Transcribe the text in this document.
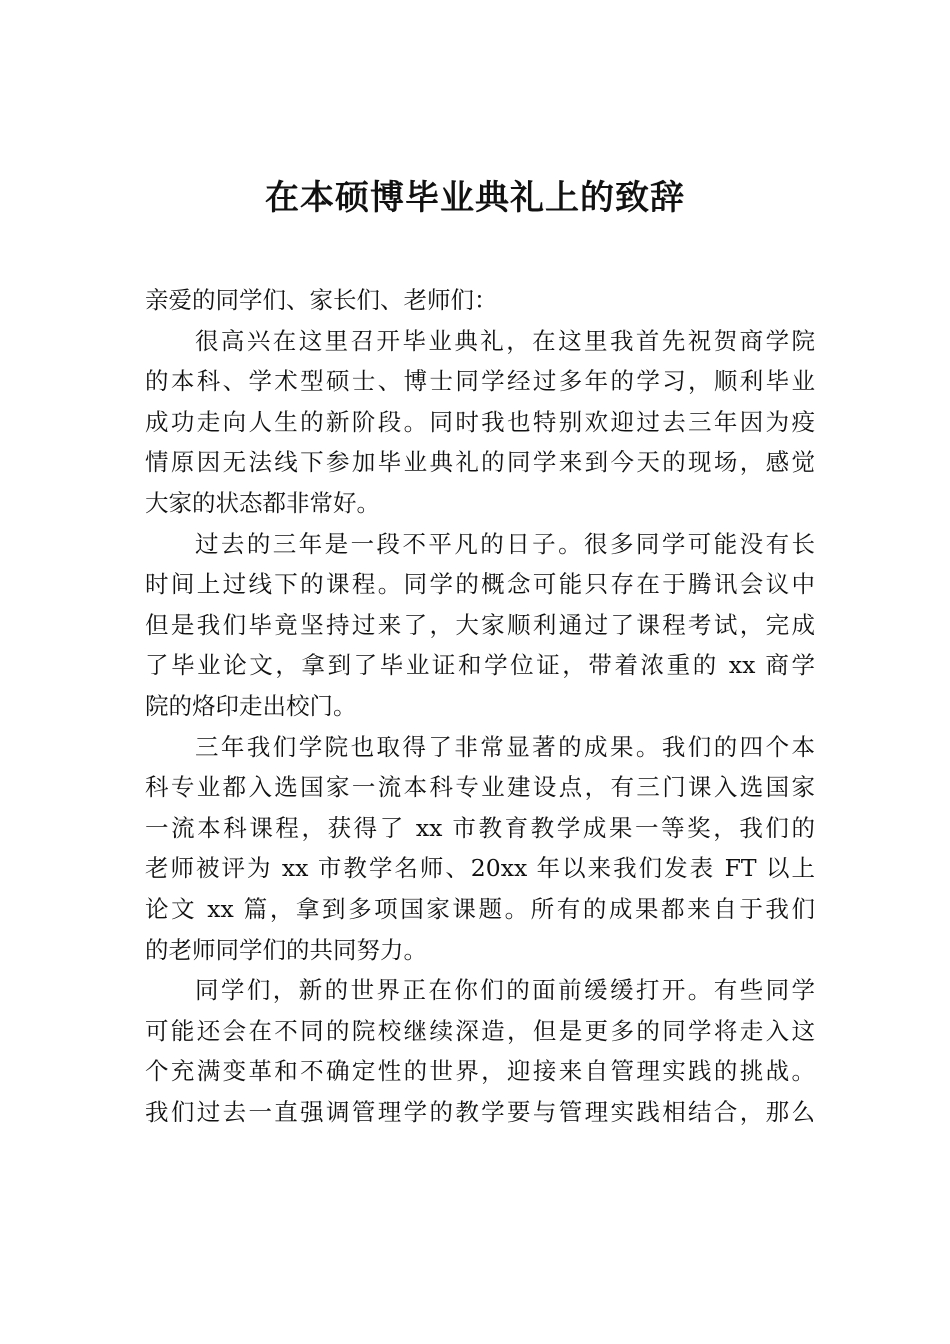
在本硕博毕业典礼上的致辞
亲爱的同学们、家长们、老师们：
很高兴在这里召开毕业典礼，在这里我首先祝贺商学院
的本科、学术型硕士、博士同学经过多年的学习，顺利毕业
成功走向人生的新阶段。同时我也特别欢迎过去三年因为疫
情原因无法线下参加毕业典礼的同学来到今天的现场，感觉
大家的状态都非常好。
过去的三年是一段不平凡的日子。很多同学可能没有长
时间上过线下的课程。同学的概念可能只存在于腾讯会议中
但是我们毕竟坚持过来了，大家顺利通过了课程考试，完成
了毕业论文，拿到了毕业证和学位证，带着浓重的 xx 商学
院的烙印走出校门。
三年我们学院也取得了非常显著的成果。我们的四个本
科专业都入选国家一流本科专业建设点，有三门课入选国家
一流本科课程，获得了 xx 市教育教学成果一等奖，我们的
老师被评为 xx 市教学名师、20xx 年以来我们发表 FT 以上
论文 xx 篇，拿到多项国家课题。所有的成果都来自于我们
的老师同学们的共同努力。
同学们，新的世界正在你们的面前缓缓打开。有些同学
可能还会在不同的院校继续深造，但是更多的同学将走入这
个充满变革和不确定性的世界，迎接来自管理实践的挑战。
我们过去一直强调管理学的教学要与管理实践相结合，那么
